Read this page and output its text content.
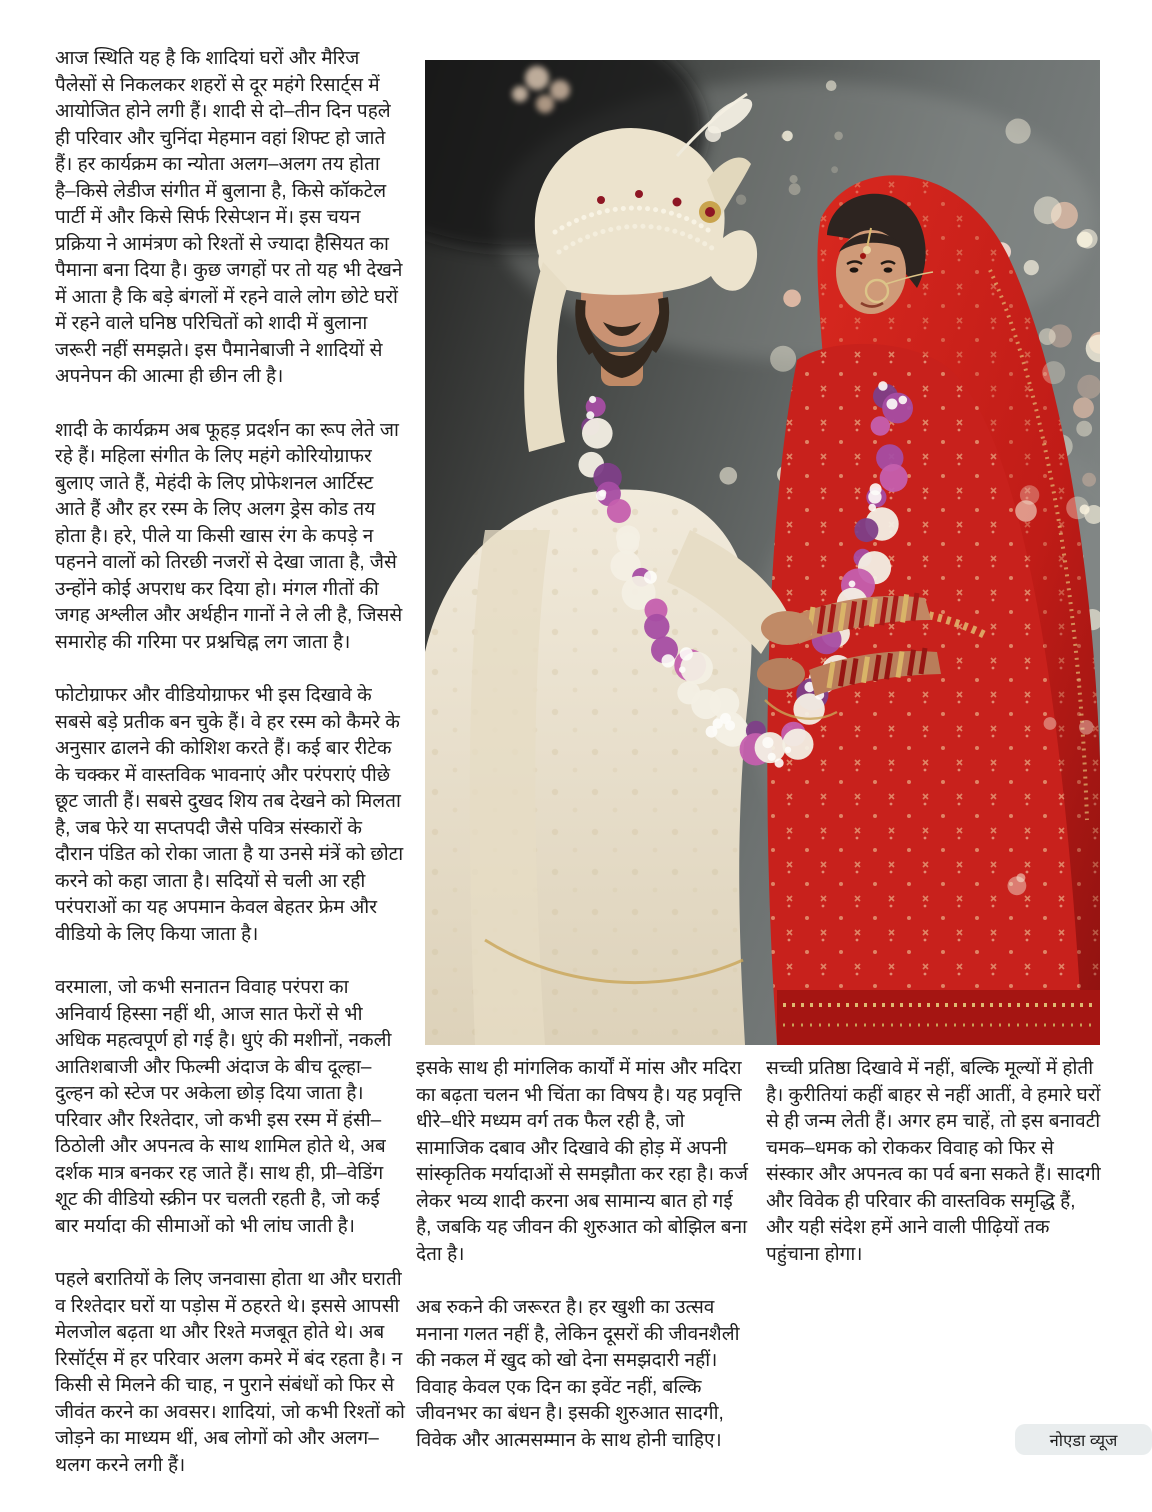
आज स्थिति यह है कि शादियां घरों और मैरिज पैलेसों से निकलकर शहरों से दूर महंगे रिसार्ट्स में आयोजित होने लगी हैं। शादी से दो–तीन दिन पहले ही परिवार और चुनिंदा मेहमान वहां शिफ्ट हो जाते हैं। हर कार्यक्रम का न्योता अलग–अलग तय होता है–किसे लेडीज संगीत में बुलाना है, किसे कॉकटेल पार्टी में और किसे सिर्फ रिसेप्शन में। इस चयन प्रक्रिया ने आमंत्रण को रिश्तों से ज्यादा हैसियत का पैमाना बना दिया है। कुछ जगहों पर तो यह भी देखने में आता है कि बड़े बंगलों में रहने वाले लोग छोटे घरों में रहने वाले घनिष्ठ परिचितों को शादी में बुलाना जरूरी नहीं समझते। इस पैमानेबाजी ने शादियों से अपनेपन की आत्मा ही छीन ली है।

शादी के कार्यक्रम अब फूहड़ प्रदर्शन का रूप लेते जा रहे हैं। महिला संगीत के लिए महंगे कोरियोग्राफर बुलाए जाते हैं, मेहंदी के लिए प्रोफेशनल आर्टिस्ट आते हैं और हर रस्म के लिए अलग ड्रेस कोड तय होता है। हरे, पीले या किसी खास रंग के कपड़े न पहनने वालों को तिरछी नजरों से देखा जाता है, जैसे उन्होंने कोई अपराध कर दिया हो। मंगल गीतों की जगह अश्लील और अर्थहीन गानों ने ले ली है, जिससे समारोह की गरिमा पर प्रश्नचिह्न लग जाता है।

फोटोग्राफर और वीडियोग्राफर भी इस दिखावे के सबसे बड़े प्रतीक बन चुके हैं। वे हर रस्म को कैमरे के अनुसार ढालने की कोशिश करते हैं। कई बार रीटेक के चक्कर में वास्तविक भावनाएं और परंपराएं पीछे छूट जाती हैं। सबसे दुखद शिय तब देखने को मिलता है, जब फेरे या सप्तपदी जैसे पवित्र संस्कारों के दौरान पंडित को रोका जाता है या उनसे मंत्रें को छोटा करने को कहा जाता है। सदियों से चली आ रही परंपराओं का यह अपमान केवल बेहतर फ्रेम और वीडियो के लिए किया जाता है।

वरमाला, जो कभी सनातन विवाह परंपरा का अनिवार्य हिस्सा नहीं थी, आज सात फेरों से भी अधिक महत्वपूर्ण हो गई है। धुएं की मशीनों, नकली आतिशबाजी और फिल्मी अंदाज के बीच दूल्हा–दुल्हन को स्टेज पर अकेला छोड़ दिया जाता है। परिवार और रिश्तेदार, जो कभी इस रस्म में हंसी–ठिठोली और अपनत्व के साथ शामिल होते थे, अब दर्शक मात्र बनकर रह जाते हैं। साथ ही, प्री–वेडिंग शूट की वीडियो स्क्रीन पर चलती रहती है, जो कई बार मर्यादा की सीमाओं को भी लांघ जाती है।

पहले बरातियों के लिए जनवासा होता था और घराती व रिश्तेदार घरों या पड़ोस में ठहरते थे। इससे आपसी मेलजोल बढ़ता था और रिश्ते मजबूत होते थे। अब रिसॉर्ट्स में हर परिवार अलग कमरे में बंद रहता है। न किसी से मिलने की चाह, न पुराने संबंधों को फिर से जीवंत करने का अवसर। शादियां, जो कभी रिश्तों को जोड़ने का माध्यम थीं, अब लोगों को और अलग–थलग करने लगी हैं।

इसके साथ ही मांगलिक कार्यों में मांस और मदिरा का बढ़ता चलन भी चिंता का विषय है। यह प्रवृत्ति धीरे–धीरे मध्यम वर्ग तक फैल रही है, जो सामाजिक दबाव और दिखावे की होड़ में अपनी सांस्कृतिक मर्यादाओं से समझौता कर रहा है। कर्ज लेकर भव्य शादी करना अब सामान्य बात हो गई है, जबकि यह जीवन की शुरुआत को बोझिल बना देता है।

अब रुकने की जरूरत है। हर खुशी का उत्सव मनाना गलत नहीं है, लेकिन दूसरों की जीवनशैली की नकल में खुद को खो देना समझदारी नहीं। विवाह केवल एक दिन का इवेंट नहीं, बल्कि जीवनभर का बंधन है। इसकी शुरुआत सादगी, विवेक और आत्मसम्मान के साथ होनी चाहिए।

सच्ची प्रतिष्ठा दिखावे में नहीं, बल्कि मूल्यों में होती है। कुरीतियां कहीं बाहर से नहीं आतीं, वे हमारे घरों से ही जन्म लेती हैं। अगर हम चाहें, तो इस बनावटी चमक–धमक को रोककर विवाह को फिर से संस्कार और अपनत्व का पर्व बना सकते हैं। सादगी और विवेक ही परिवार की वास्तविक समृद्धि हैं, और यही संदेश हमें आने वाली पीढ़ियों तक पहुंचाना होगा।

नोएडा व्यूज
